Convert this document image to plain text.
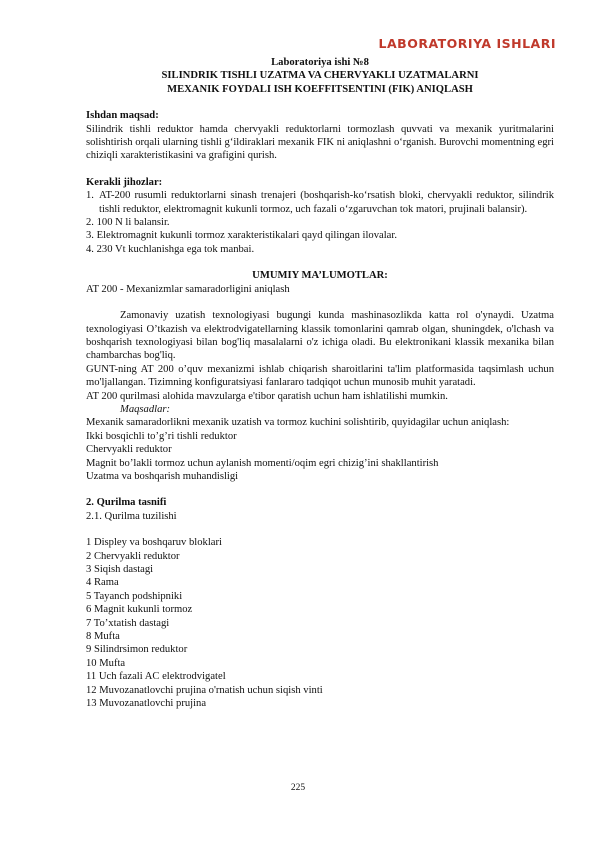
LABORATORIYA ISHLARI
Laboratoriya ishi №8
SILINDRIK TISHLI UZATMA VA CHERVYAKLI UZATMALARNI
MEXANIK FOYDALI ISH KOEFFITSENTINI (FIK) ANIQLASH
Ishdan maqsad:
Silindrik tishli reduktor hamda chervyakli reduktorlarni tormozlash quvvati va mexanik yuritmalarini solishtirish orqali ularning tishli g‘ildiraklari mexanik FIK ni aniqlashni o‘rganish. Burovchi momentning egri chiziqli xarakteristikasini va grafigini qurish.
Kerakli jihozlar:
1. AT-200 rusumli reduktorlarni sinash trenajeri (boshqarish-ko‘rsatish bloki, chervyakli reduktor, silindrik tishli reduktor, elektromagnit kukunli tormoz, uch fazali o‘zgaruvchan tok matori, prujinali balansir).
2. 100 N li balansir.
3. Elektromagnit kukunli tormoz xarakteristikalari qayd qilingan ilovalar.
4. 230 Vt kuchlanishga ega tok manbai.
UMUMIY MA’LUMOTLAR:
AT 200 - Mexanizmlar samaradorligini aniqlash
Zamonaviy uzatish texnologiyasi bugungi kunda mashinasozlikda katta rol o'ynaydi. Uzatma texnologiyasi O’tkazish va elektrodvigatellarning klassik tomonlarini qamrab olgan, shuningdek, o'lchash va boshqarish texnologiyasi bilan bog'liq masalalarni o'z ichiga oladi. Bu elektronikani klassik mexanika bilan chambarchas bog'liq.
GUNT-ning AT 200 o’quv mexanizmi ishlab chiqarish sharoitlarini ta'lim platformasida taqsimlash uchun mo'ljallangan. Tizimning konfiguratsiyasi fanlararo tadqiqot uchun munosib muhit yaratadi.
AT 200 qurilmasi alohida mavzularga e'tibor qaratish uchun ham ishlatilishi mumkin.
Maqsadlar:
Mexanik samaradorlikni mexanik uzatish va tormoz kuchini solishtirib, quyidagilar uchun aniqlash:
Ikki bosqichli to’g’ri tishli reduktor
Chervyakli reduktor
Magnit bo’lakli tormoz uchun aylanish momenti/oqim egri chizig’ini shakllantirish
Uzatma va boshqarish muhandisligi
2. Qurilma tasnifi
2.1. Qurilma tuzilishi
1 Displey va boshqaruv bloklari
2 Chervyakli reduktor
3 Siqish dastagi
4 Rama
5 Tayanch podshipniki
6 Magnit kukunli tormoz
7 To’xtatish dastagi
8 Mufta
9 Silindrsimon reduktor
10 Mufta
11 Uch fazali AC elektrodvigatel
12 Muvozanatlovchi prujina o'rnatish uchun siqish vinti
13 Muvozanatlovchi prujina
225
